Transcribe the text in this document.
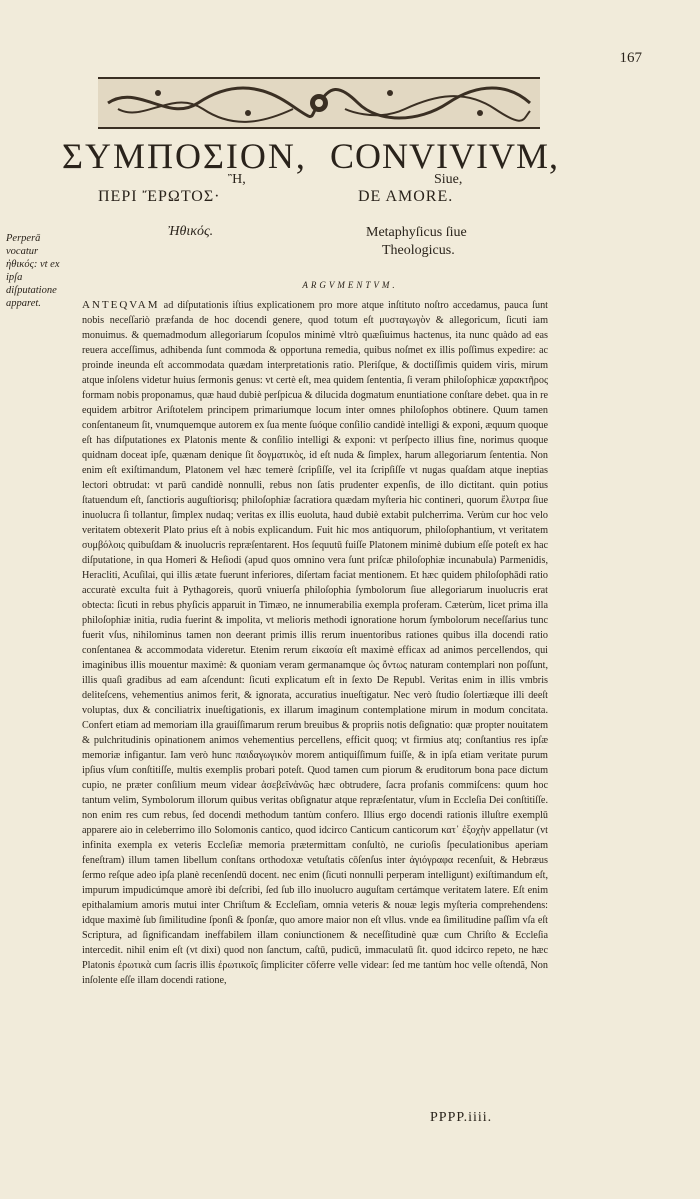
167
ΣΥΜΠΟΣΙΟΝ, CONVIVIVM,
Ἢ,	Siue,
ΠΕΡΙ ἜΡΩΤΟΣ·	DE AMORE.
Ἠθικός.	Metaphyſicus ſiue
Theologicus.
Perperā vocatur ἠθικός: vt ex ipſa diſputatione apparet.
ARGVMENTVM.
ANTEQVAM ad diſputationis iſtius explicationem pro more atque inſtituto noſtro accedamus, pauca ſunt nobis neceſſariò præfanda de hoc docendi genere, quod totum eſt μυσταγωγὸν & allegoricum, ſicuti iam monuimus. & quemadmodum allegoriarum ſcopulos minimè vltrò quæſiuimus hactenus, ita nunc quàdo ad eas reuera acceſſimus, adhibenda ſunt commoda & opportuna remedia, quibus noſmet ex illis poſſimus expedire: ac proinde ineunda eſt accommodata quædam interpretationis ratio. Pleriſque, & doctiſſimis quidem viris, mirum atque inſolens videtur huius ſermonis genus: vt certè eſt, mea quidem ſententia, ſi veram philoſophicæ χαρακτῆρος formam nobis proponamus, quæ haud dubiè perſpicua & dilucida dogmatum enuntiatione conſtare debet. qua in re equidem arbitror Ariſtotelem principem primariumque locum inter omnes philoſophos obtinere. Quum tamen conſentaneum ſit, vnumquemque autorem ex ſua mente ſuóque conſilio candidè intelligi & exponi, æquum quoque eſt has diſputationes ex Platonis mente & conſilio intelligi & exponi: vt perſpecto illius fine, norimus quoque quidnam doceat ipſe, quænam denique ſit δογματικὸς, id eſt nuda & ſimplex, harum allegoriarum ſententia. Non enim eſt exiſtimandum, Platonem vel hæc temerè ſcripſiſſe, vel ita ſcripſiſſe vt nugas quaſdam atque ineptias lectori obtrudat: vt parū candidè nonnulli, rebus non ſatis prudenter expenſis, de illo dictitant. quin potius ſtatuendum eſt, ſanctioris auguſtiorisq; philoſophiæ ſacratiora quædam myſteria hic contineri, quorum ἔλυτρα ſiue inuolucra ſi tollantur, ſimplex nudaq; veritas ex illis euoluta, haud dubiè extabit pulcherrima. Verùm cur hoc velo veritatem obtexerit Plato prius eſt à nobis explicandum. Fuit hic mos antiquorum, philoſophantium, vt veritatem συμβόλοις quibuſdam & inuolucris repræſentarent. Hos ſequutū fuiſſe Platonem minimè dubium eſſe poteſt ex hac diſputatione, in qua Homeri & Heſiodi (apud quos omnino vera ſunt priſcæ philoſophiæ incunabula) Parmenidis, Heracliti, Acuſilai, qui illis ætate fuerunt inferiores, diſertam faciat mentionem. Et hæc quidem philoſophādi ratio accuratè exculta fuit à Pythagoreis, quorū vniuerſa philoſophia ſymbolorum ſiue allegoriarum inuolucris erat obtecta: ſicuti in rebus phyſicis apparuit in Timæo, ne innumerabilia exempla proferam. Cæterùm, licet prima illa philoſophiæ initia, rudia fuerint & impolita, vt melioris methodi ignoratione horum ſymbolorum neceſſarius tunc fuerit vſus, nihilominus tamen non deerant primis illis rerum inuentoribus rationes quibus illa docendi ratio conſentanea & accommodata videretur. Etenim rerum εἰκασία eſt maximè efficax ad animos percellendos, qui imaginibus illis mouentur maximè: & quoniam veram germanamque ὡς ὄντως naturam contemplari non poſſunt, illis quaſi gradibus ad eam aſcendunt: ſicuti explicatum eſt in ſexto De Republ. Veritas enim in illis vmbris delitеſcens, vehementius animos ferit, & ignorata, accuratius inueſtigatur. Nec verò ſtudio ſolertiæque illi deeſt voluptas, dux & conciliatrix inueſtigationis, ex illarum imaginum contemplatione mirum in modum concitata. Confert etiam ad memoriam illa grauiſſimarum rerum breuibus & propriis notis deſignatio: quæ propter nouitatem & pulchritudinis opinationem animos vehementius percellens, efficit quoq; vt firmius atq; conſtantius res ipſæ memoriæ infigantur. Iam verò hunc παιδαγωγικὸν morem antiquiſſimum fuiſſe, & in ipſa etiam veritate purum ipſius vſum conſtitiſſe, multis exemplis probari poteſt. Quod tamen cum piorum & eruditorum bona pace dictum cupio, ne præter conſilium meum videar ἀσεβεῖνἀνῶς hæc obtrudere, ſacra profanis commiſcens: quum hoc tantum velim, Symbolorum illorum quibus veritas obſignatur atque repræſentatur, vſum in Eccleſia Dei conſtitiſſe. non enim res cum rebus, ſed docendi methodum tantùm confero. Illius ergo docendi rationis illuſtre exemplū apparere aio in celeberrimo illo Solomonis cantico, quod idcirco Canticum canticorum κατ᾽ ἐξοχὴν appellatur (vt infinita exempla ex veteris Eccleſiæ memoria prætermittam conſultò, ne curioſis ſpeculationibus aperiam feneſtram) illum tamen libellum conſtans orthodoxæ vetuſtatis cōſenſus inter ἀγιόγραφα recenſuit, & Hebræus ſermo reſque adeo ipſa planè recenſendū docent. nec enim (ſicuti nonnulli perperam intelligunt) exiſtimandum eſt, impurum impudicúmque amorè ibi deſcribi, ſed ſub illo inuolucro auguſtam certámque veritatem latere. Eſt enim epithalamium amoris mutui inter Chriſtum & Eccleſiam, omnia veteris & nouæ legis myſteria comprehendens: idque maximè ſub ſimilitudine ſponſi & ſponſæ, quo amore maior non eſt vllus. vnde ea ſimilitudine paſſim vſa eſt Scriptura, ad ſignificandam ineffabilem illam coniunctionem & neceſſitudinè quæ cum Chriſto & Eccleſia intercedit. nihil enim eſt (vt dixi) quod non ſanctum, caſtū, pudicū, immaculatū ſit. quod idcirco repeto, ne hæc Platonis ἐρωτικὰ cum ſacris illis ἐρωτικοῖς ſimpliciter cōferre velle videar: ſed me tantùm hoc velle oſtendã, Non inſolente eſſe illam docendi ratione,
PPPP.iiii.
